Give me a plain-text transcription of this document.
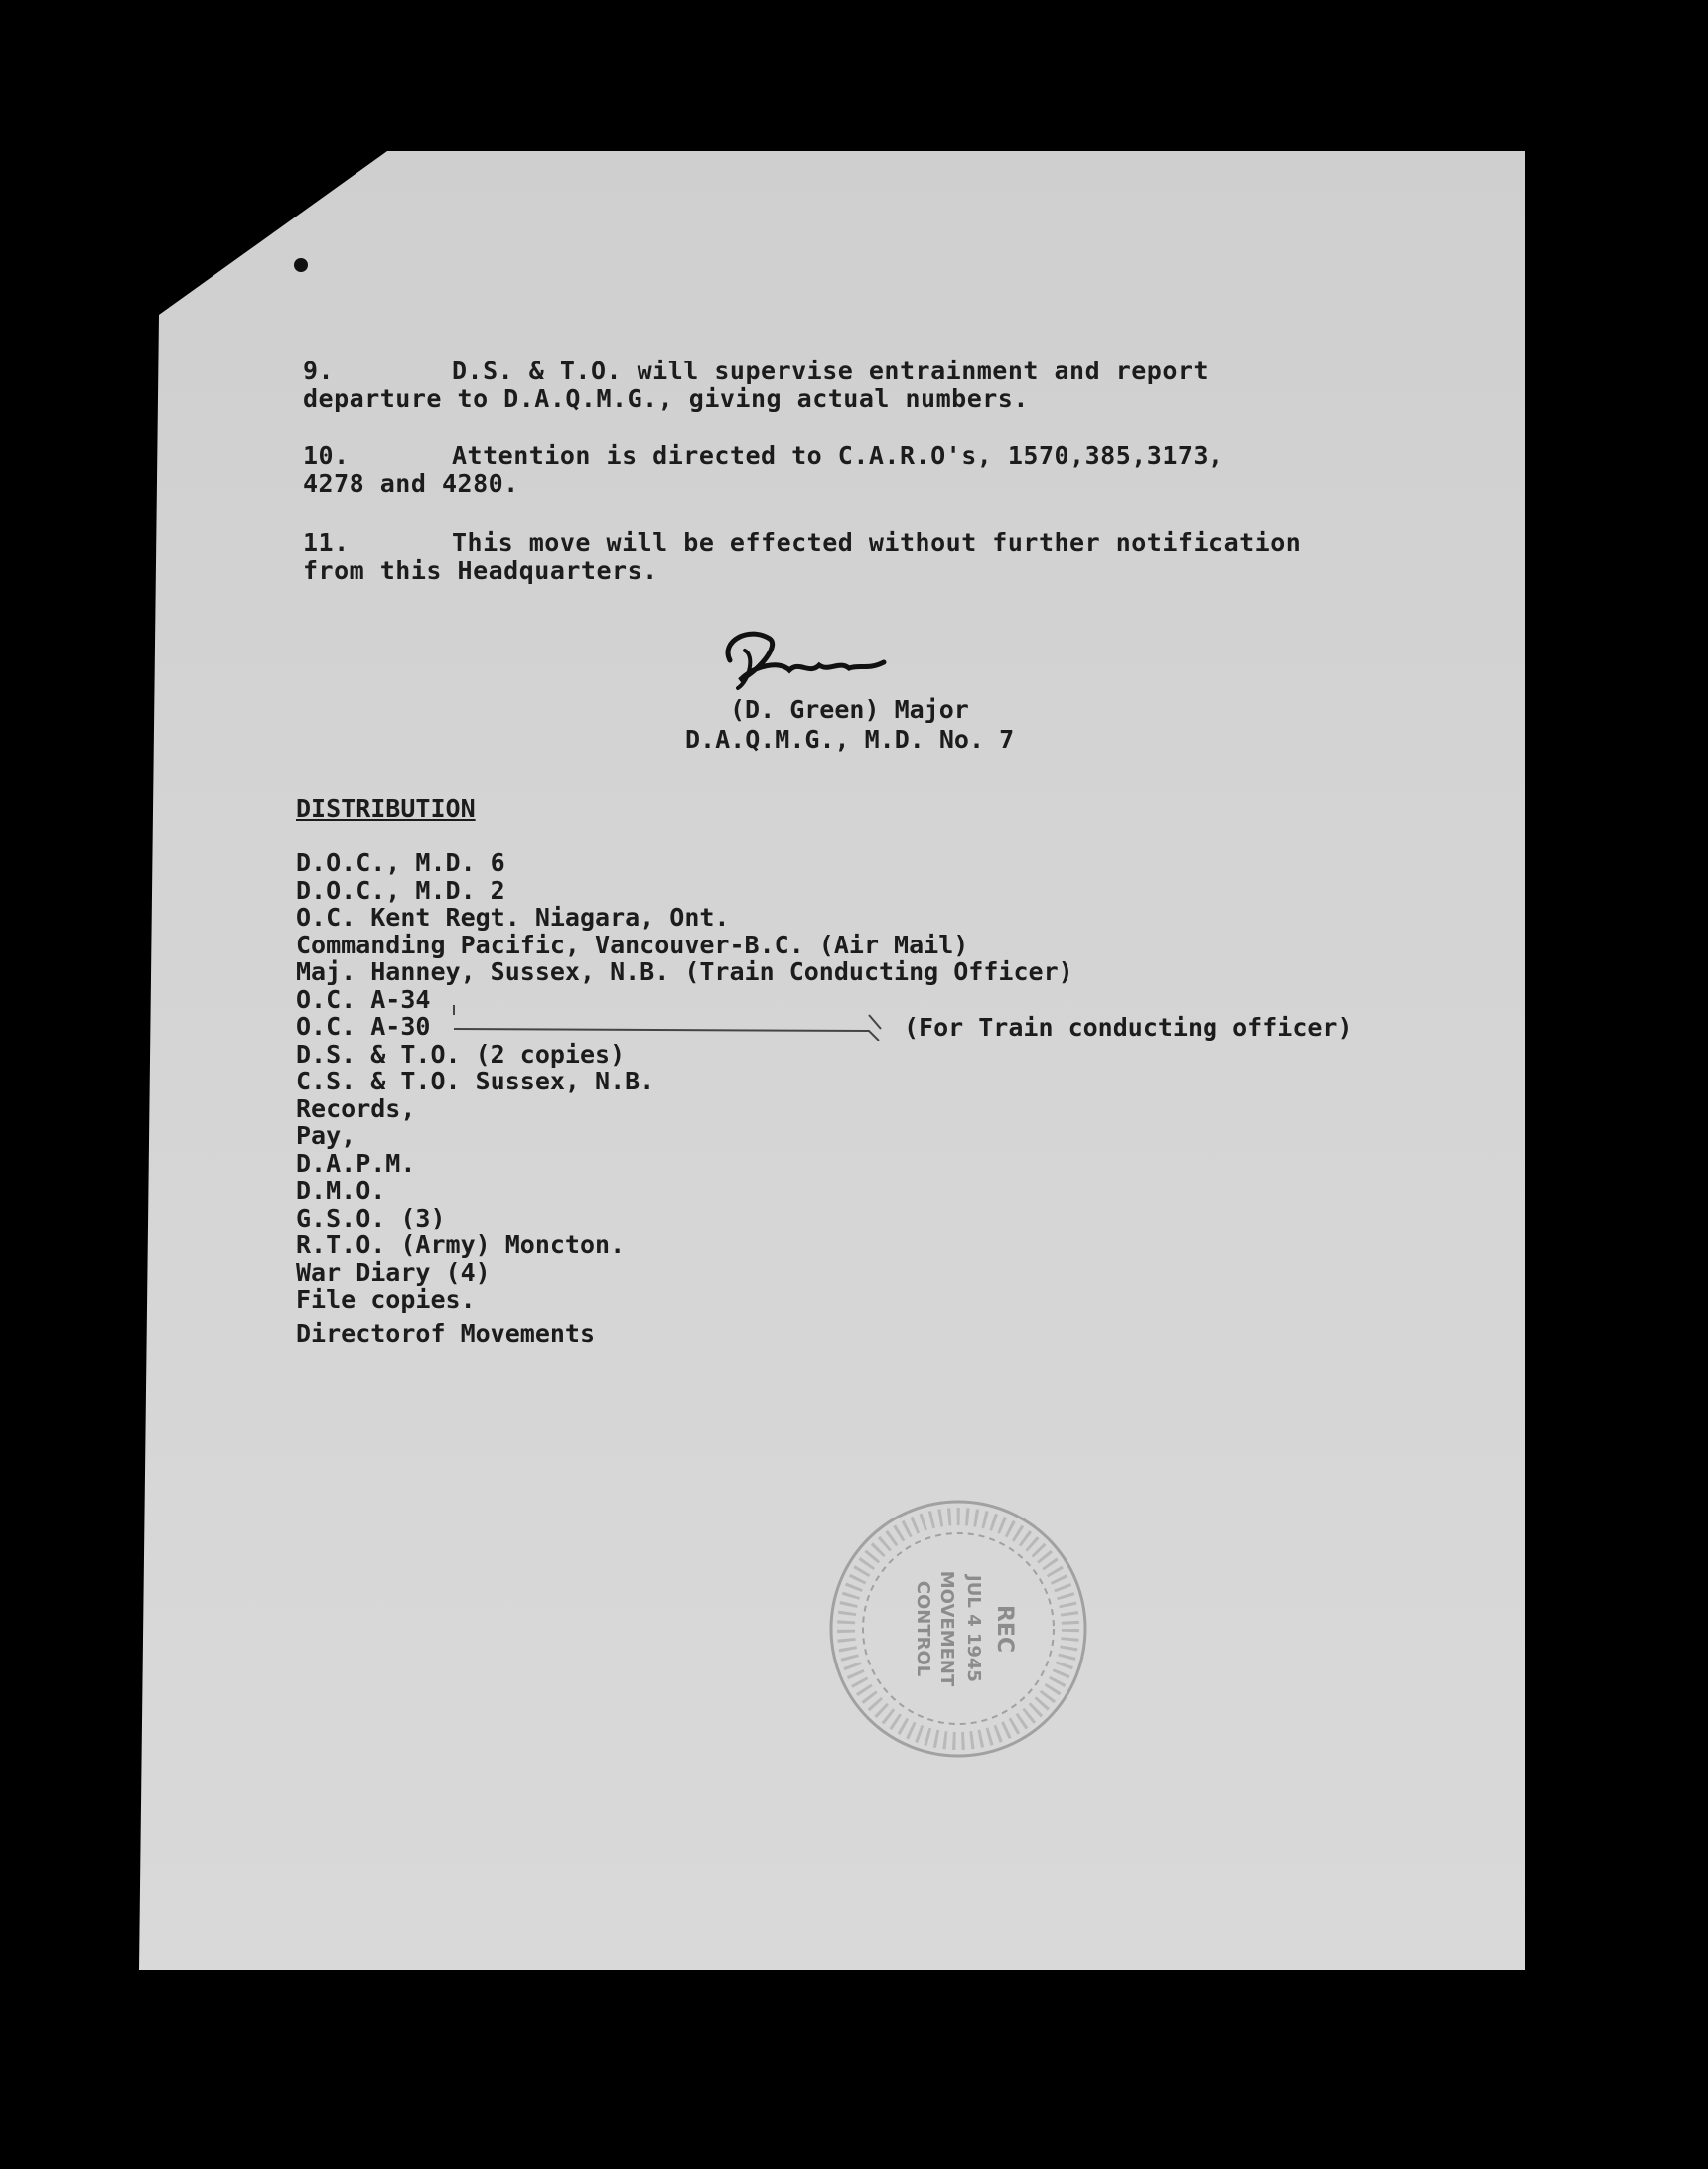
9.	D.S. & T.O. will supervise entrainment and report
departure to D.A.Q.M.G., giving actual numbers.
10.	Attention is directed to C.A.R.O's, 1570,385,3173,
4278 and 4280.
11.	This move will be effected without further notification
from this Headquarters.
(D. Green) Major
D.A.Q.M.G., M.D. No. 7
DISTRIBUTION
D.O.C., M.D. 6
D.O.C., M.D. 2
O.C. Kent Regt. Niagara, Ont.
Commanding Pacific, Vancouver-B.C. (Air Mail)
Maj. Hanney, Sussex, N.B. (Train Conducting Officer)
O.C. A-34
O.C. A-30
D.S. & T.O. (2 copies)
C.S. & T.O. Sussex, N.B.
Records,
Pay,
D.A.P.M.
D.M.O.
G.S.O. (3)
R.T.O. (Army) Moncton.
War Diary (4)
File copies.
Directorof Movements
(For Train conducting officer)
REC
JUL 4 1945
MOVEMENT
CONTROL
